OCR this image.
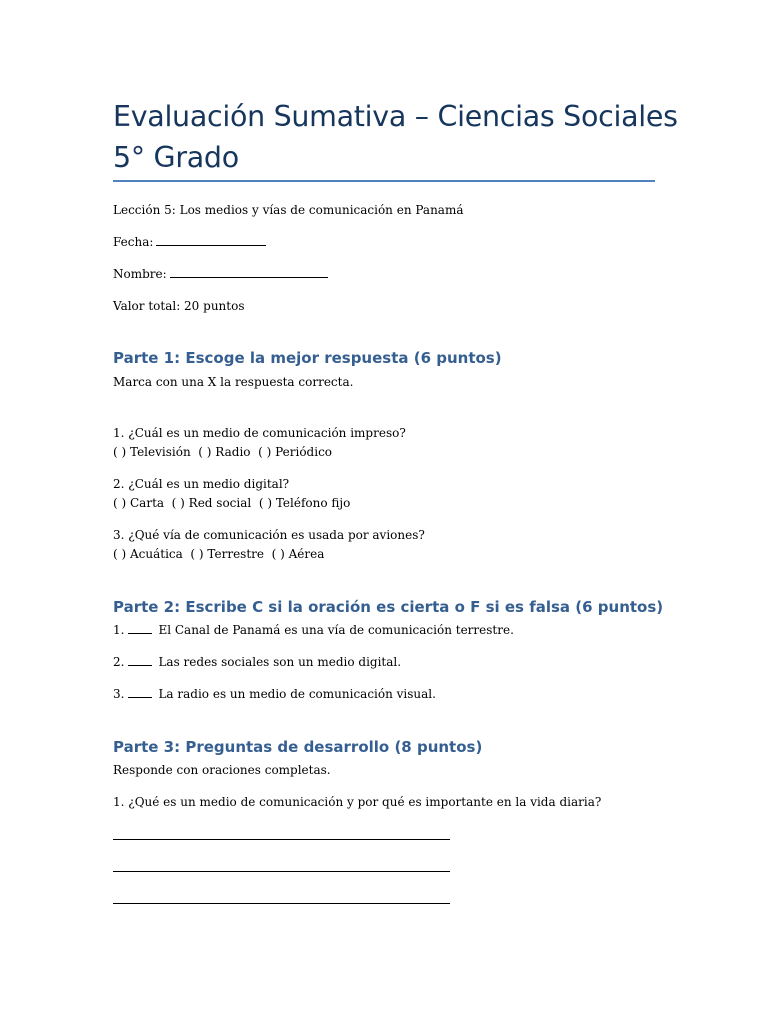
Evaluación Sumativa – Ciencias Sociales
5° Grado
Lección 5: Los medios y vías de comunicación en Panamá
Fecha:
Nombre:
Valor total: 20 puntos
Parte 1: Escoge la mejor respuesta (6 puntos)
Marca con una X la respuesta correcta.
1. ¿Cuál es un medio de comunicación impreso?
( ) Televisión  ( ) Radio  ( ) Periódico
2. ¿Cuál es un medio digital?
( ) Carta  ( ) Red social  ( ) Teléfono fijo
3. ¿Qué vía de comunicación es usada por aviones?
( ) Acuática  ( ) Terrestre  ( ) Aérea
Parte 2: Escribe C si la oración es cierta o F si es falsa (6 puntos)
1.	El Canal de Panamá es una vía de comunicación terrestre.
2.	Las redes sociales son un medio digital.
3.	La radio es un medio de comunicación visual.
Parte 3: Preguntas de desarrollo (8 puntos)
Responde con oraciones completas.
1. ¿Qué es un medio de comunicación y por qué es importante en la vida diaria?
